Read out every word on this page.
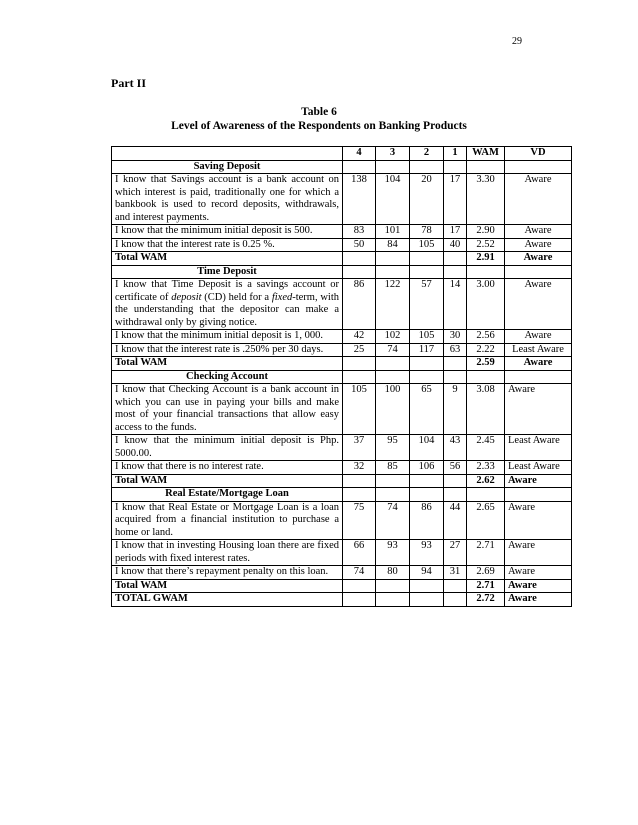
29
Part II
Table 6
Level of Awareness of the Respondents on Banking Products
	4	3	2	1	WAM	VD
Saving Deposit						
I know that Savings account is a bank account on which interest is paid, traditionally one for which a bankbook is used to record deposits, withdrawals, and interest payments.	138	104	20	17	3.30	Aware
I know that the minimum initial deposit is 500.	83	101	78	17	2.90	Aware
I know that the interest rate is 0.25 %.	50	84	105	40	2.52	Aware
Total WAM					2.91	Aware
Time Deposit						
I know that Time Deposit is a savings account or certificate of deposit (CD) held for a fixed-term, with the understanding that the depositor can make a withdrawal only by giving notice.	86	122	57	14	3.00	Aware
I know that the minimum initial deposit is 1, 000.	42	102	105	30	2.56	Aware
I know that the interest rate is .250% per 30 days.	25	74	117	63	2.22	Least Aware
Total WAM					2.59	Aware
Checking Account						
I know that Checking Account is a bank account in which you can use in paying your bills and make most of your financial transactions that allow easy access to the funds.	105	100	65	9	3.08	Aware
I know that the minimum initial deposit is Php. 5000.00.	37	95	104	43	2.45	Least Aware
I know that there is no interest rate.	32	85	106	56	2.33	Least Aware
Total WAM					2.62	Aware
Real Estate/Mortgage Loan						
I know that Real Estate or Mortgage Loan is a loan acquired from a financial institution to purchase a home or land.	75	74	86	44	2.65	Aware
I know that in investing Housing loan there are fixed periods with fixed interest rates.	66	93	93	27	2.71	Aware
I know that there’s repayment penalty on this loan.	74	80	94	31	2.69	Aware
Total WAM					2.71	Aware
TOTAL GWAM					2.72	Aware
